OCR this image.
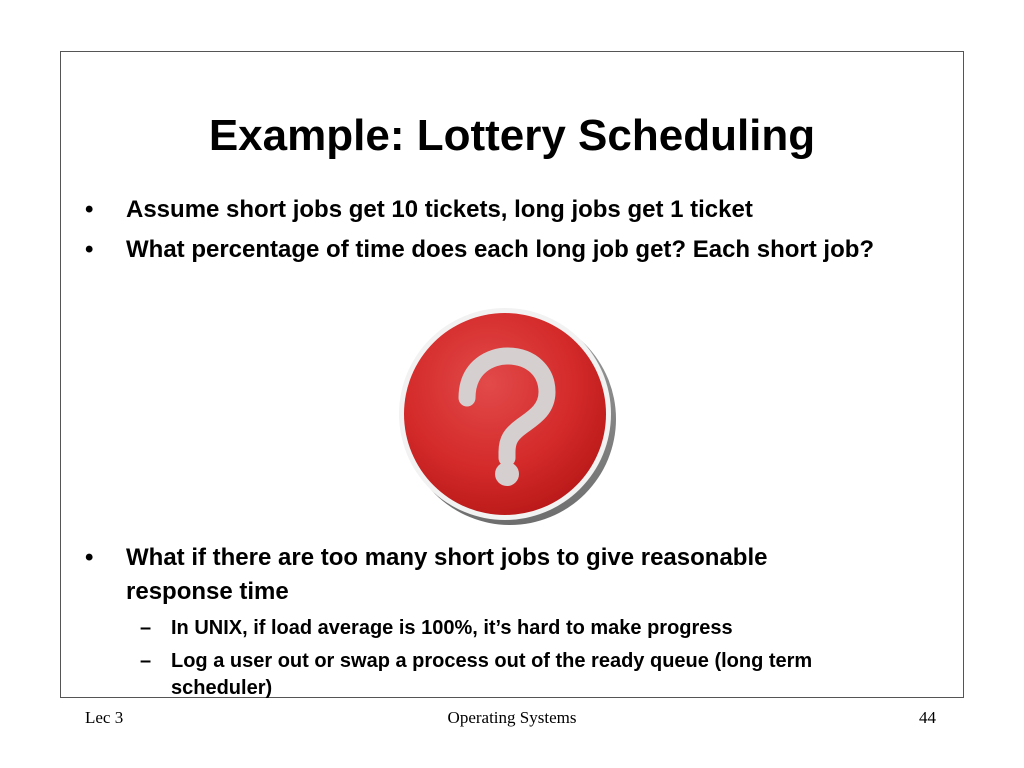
Example: Lottery Scheduling
•	Assume short jobs get 10 tickets, long jobs get 1 ticket
•	What percentage of time does each long job get? Each short job?
•	What if there are too many short jobs to give reasonable response time
– In UNIX, if load average is 100%, it’s hard to make progress
– Log a user out or swap a process out of the ready queue (long term scheduler)
Lec 3	Operating Systems	44
